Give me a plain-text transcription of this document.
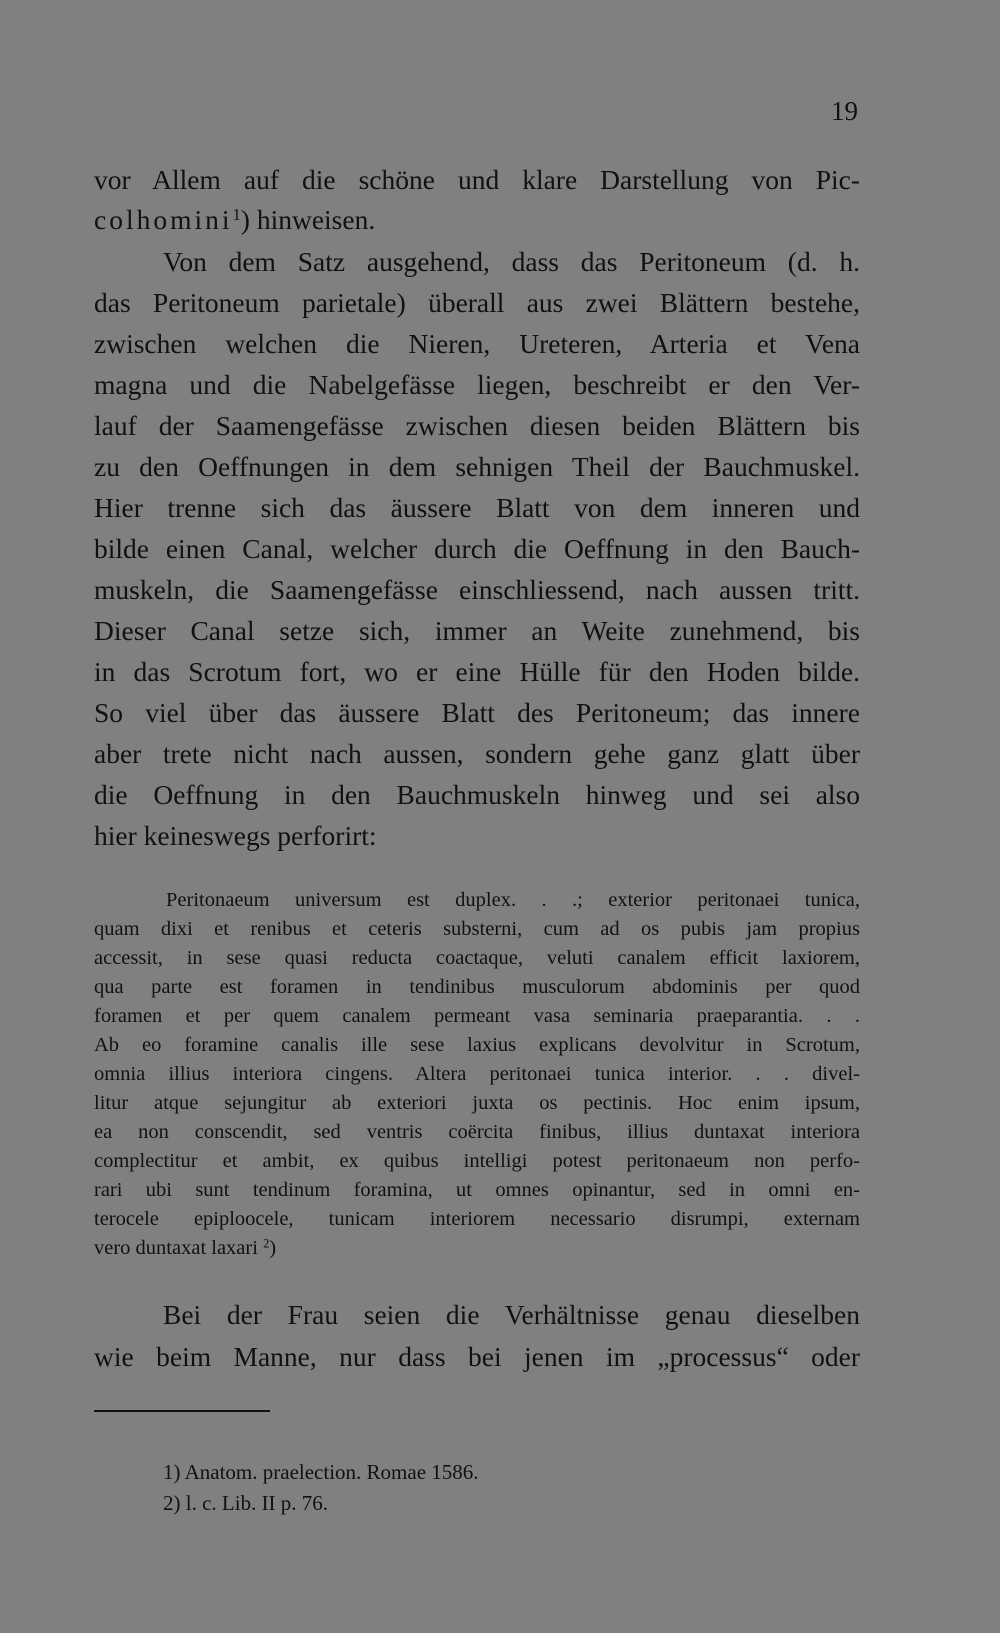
19

vor Allem auf die schöne und klare Darstellung von Pic-

colhomini$^1$) hinweisen.

Von dem Satz ausgehend, dass das Peritoneum (d. h.

das Peritoneum parietale) überall aus zwei Blättern bestehe,

zwischen welchen die Nieren, Ureteren, Arteria et Vena

magna und die Nabelgefässe liegen, beschreibt er den Ver-

lauf der Saamengefässe zwischen diesen beiden Blättern bis

zu den Oeffnungen in dem sehnigen Theil der Bauchmuskel.

Hier trenne sich das äussere Blatt von dem inneren und

bilde einen Canal, welcher durch die Oeffnung in den Bauch-

muskeln, die Saamengefässe einschliessend, nach aussen tritt.

Dieser Canal setze sich, immer an Weite zunehmend, bis

in das Scrotum fort, wo er eine Hülle für den Hoden bilde.

So viel über das äussere Blatt des Peritoneum; das innere

aber trete nicht nach aussen, sondern gehe ganz glatt über

die Oeffnung in den Bauchmuskeln hinweg und sei also

hier keineswegs perforirt:

Peritonaeum universum est duplex. . .; exterior peritonaei tunica,

quam dixi et renibus et ceteris substerni, cum ad os pubis jam propius

accessit, in sese quasi reducta coactaque, veluti canalem efficit laxiorem,

qua parte est foramen in tendinibus musculorum abdominis per quod

foramen et per quem canalem permeant vasa seminaria praeparantia. . .

Ab eo foramine canalis ille sese laxius explicans devolvitur in Scrotum,

omnia illius interiora cingens. Altera peritonaei tunica interior. . . divel-

litur atque sejungitur ab exteriori juxta os pectinis. Hoc enim ipsum,

ea non conscendit, sed ventris coërcita finibus, illius duntaxat interiora

complectitur et ambit, ex quibus intelligi potest peritonaeum non perfo-

rari ubi sunt tendinum foramina, ut omnes opinantur, sed in omni en-

terocele epiploocele, tunicam interiorem necessario disrumpi, externam

vero duntaxat laxari $^2$)

Bei der Frau seien die Verhältnisse genau dieselben

wie beim Manne, nur dass bei jenen im „processus“ oder

1) Anatom. praelection. Romae 1586.

2) l. c. Lib. II p. 76.
